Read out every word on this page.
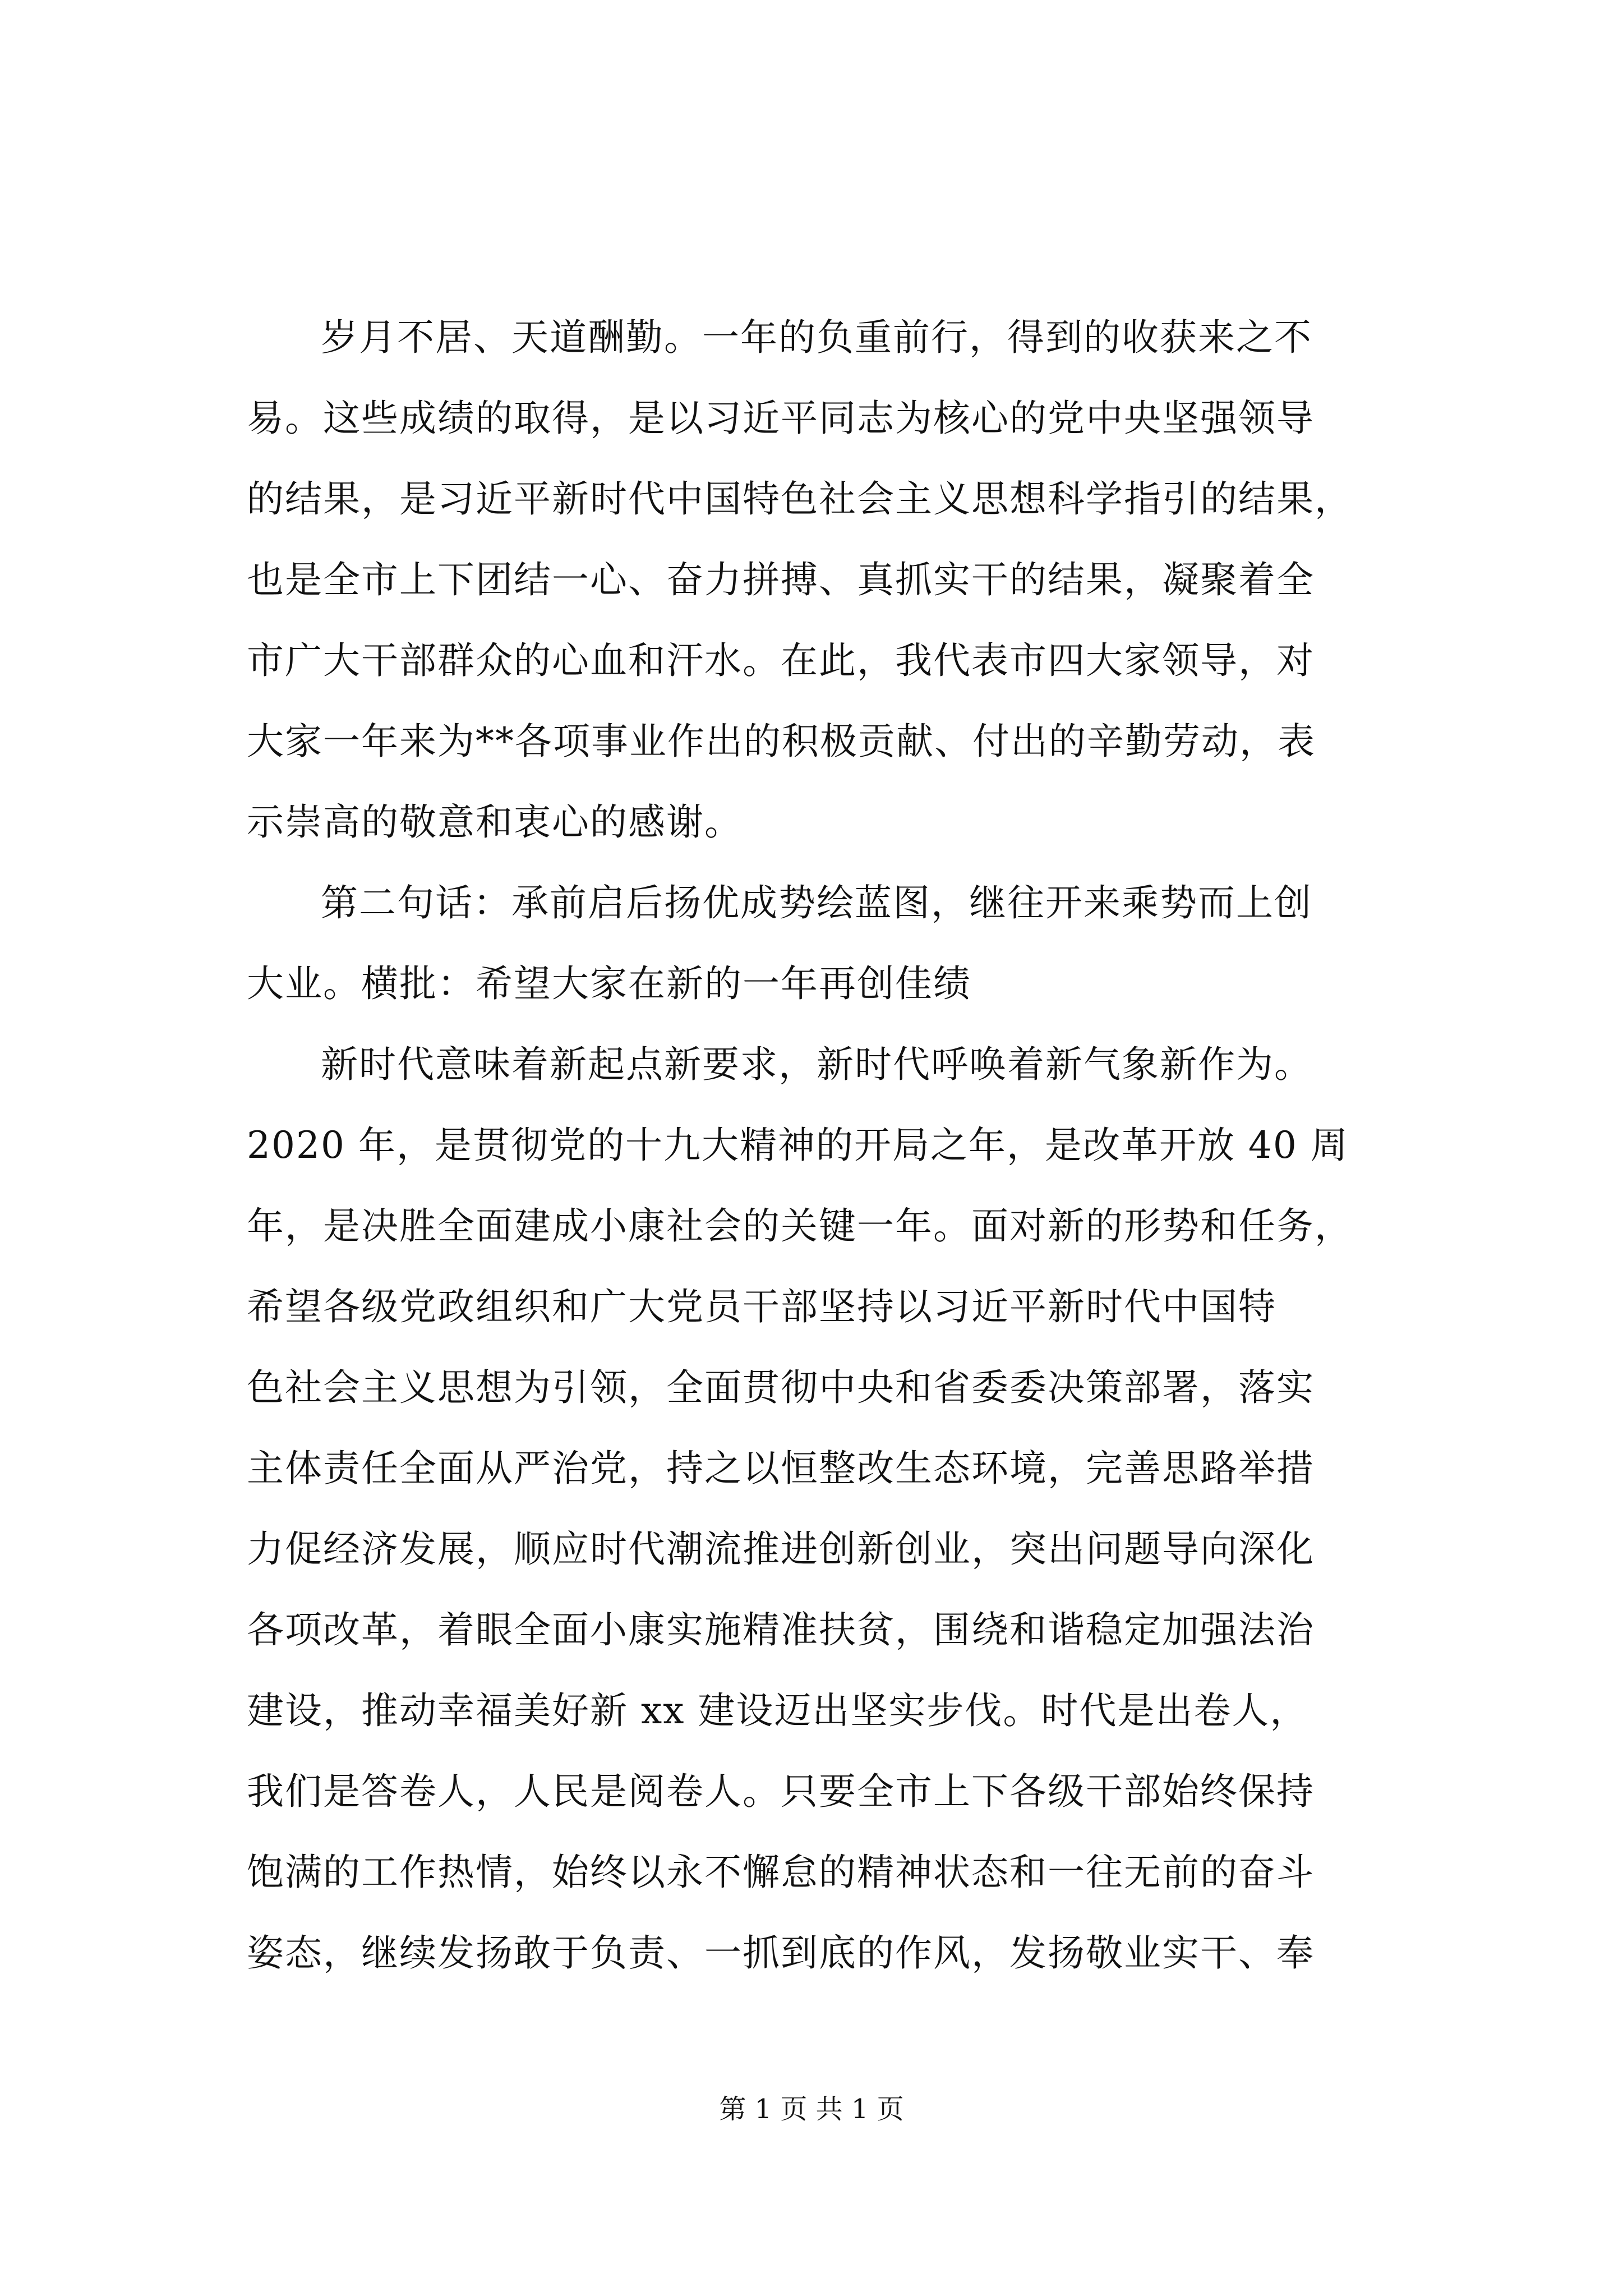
岁月不居、天道酬勤。一年的负重前行，得到的收获来之不
易。这些成绩的取得，是以习近平同志为核心的党中央坚强领导
的结果，是习近平新时代中国特色社会主义思想科学指引的结果，
也是全市上下团结一心、奋力拼搏、真抓实干的结果，凝聚着全
市广大干部群众的心血和汗水。在此，我代表市四大家领导，对
大家一年来为**各项事业作出的积极贡献、付出的辛勤劳动，表
示崇高的敬意和衷心的感谢。
第二句话：承前启后扬优成势绘蓝图，继往开来乘势而上创
大业。横批：希望大家在新的一年再创佳绩
新时代意味着新起点新要求，新时代呼唤着新气象新作为。
2020 年，是贯彻党的十九大精神的开局之年，是改革开放 40 周
年，是决胜全面建成小康社会的关键一年。面对新的形势和任务，
希望各级党政组织和广大党员干部坚持以习近平新时代中国特
色社会主义思想为引领，全面贯彻中央和省委委决策部署，落实
主体责任全面从严治党，持之以恒整改生态环境，完善思路举措
力促经济发展，顺应时代潮流推进创新创业，突出问题导向深化
各项改革，着眼全面小康实施精准扶贫，围绕和谐稳定加强法治
建设，推动幸福美好新 xx 建设迈出坚实步伐。时代是出卷人，
我们是答卷人，人民是阅卷人。只要全市上下各级干部始终保持
饱满的工作热情，始终以永不懈怠的精神状态和一往无前的奋斗
姿态，继续发扬敢于负责、一抓到底的作风，发扬敬业实干、奉
第 1 页 共 1 页
